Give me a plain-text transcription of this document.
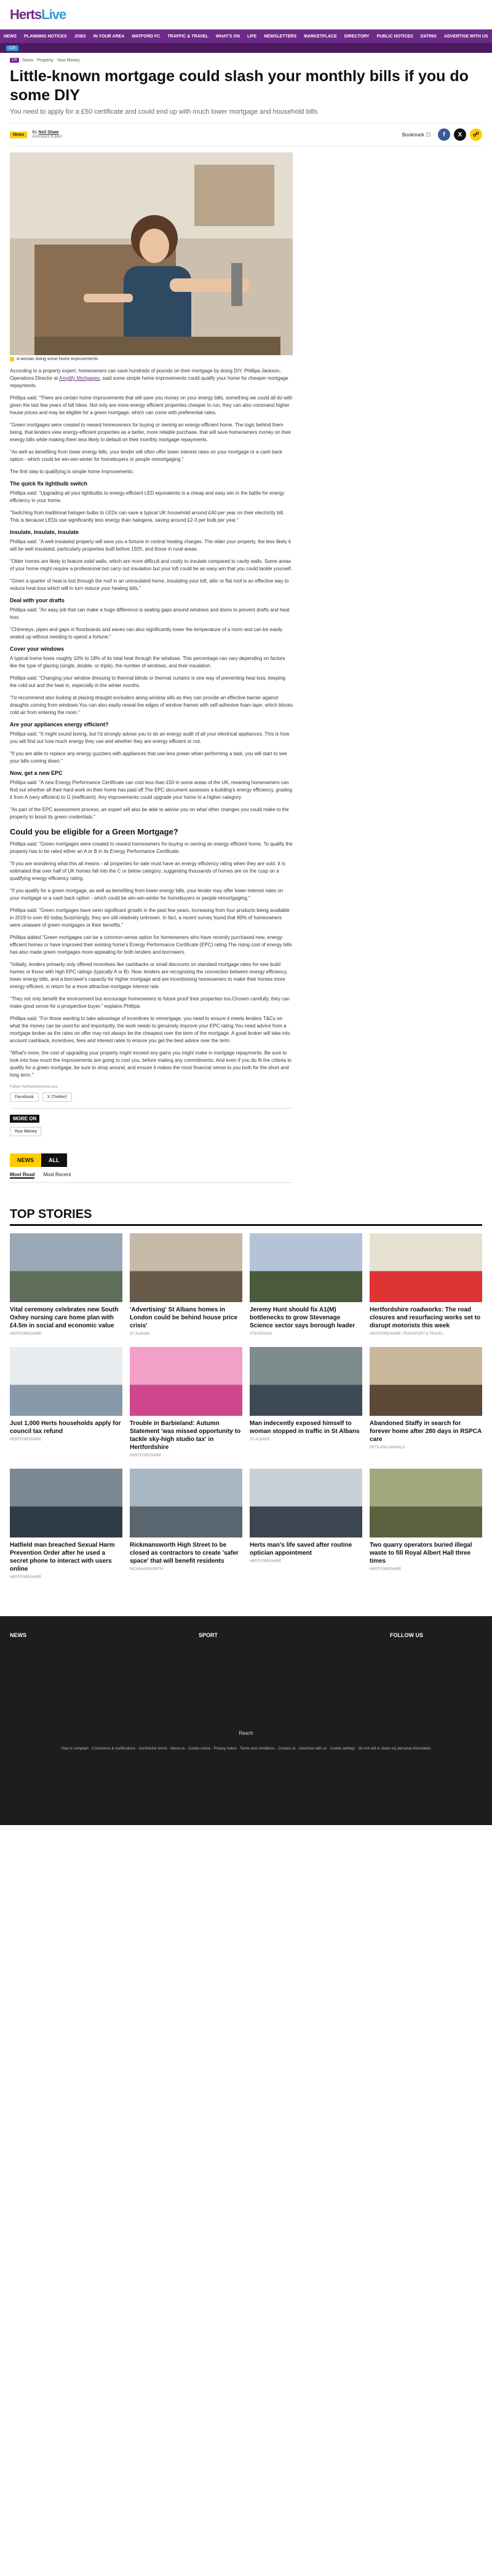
HertsLive
NEWS PLANNING NOTICES JOBS IN YOUR AREA WATFORD FC TRAFFIC & TRAVEL WHAT'S ON LIFE NEWSLETTERS MARKETPLACE DIRECTORY PUBLIC NOTICES DATING ADVERTISE WITH US
CR
CR	News Property Your Money
Little-known mortgage could slash your monthly bills if you do some DIY

You need to apply for a £50 certificate and could end up with much lower mortgage and household bills

News	By Neil Shaw
Assistant Editor	Bookmark ☐	f	X	☍
A woman doing some home improvements

According to a property expert, homeowners can save hundreds of pounds on their mortgage by doing DIY. Phillipa Jackson, Operations Director at Amplify Mortgages, said some simple home improvements could qualify your home for cheaper mortgage repayments.

Phillipa said: "There are certain home improvements that will save you money on your energy bills, something we could all do with given the last few years of bill hikes. Not only are more energy efficient properties cheaper to run, they can also command higher house prices and may be eligible for a green mortgage, which can come with preferential rates.

"Green mortgages were created to reward homeowners for buying or owning an energy-efficient home. The logic behind them being, that lenders view energy-efficient properties as a better, more reliable purchase, that will save homeowners money on their energy bills while making them less likely to default on their monthly mortgage repayments.

"As well as benefiting from lower energy bills, your lender will often offer lower interest rates on your mortgage or a cash back option - which could be win-win-winter for homebuyers or people remortgaging."

The first step to qualifying is simple home improvements:

The quick fix lightbulb switch

Phillipa said: "Upgrading all your lightbulbs to energy-efficient LED equivalents is a cheap and easy win in the battle for energy efficiency in your home.

"Switching from traditional halogen bulbs to LEDs can save a typical UK household around £40 per year on their electricity bill. This is because LEDs use significantly less energy than halogens, saving around £2-3 per bulb per year."

Insulate, Insulate, Insulate

Phillipa said: "A well insulated property will save you a fortune in central heating charges. The older your property, the less likely it will be well insulated, particularly properties built before 1925, and those in rural areas.

"Older homes are likely to feature solid walls, which are more difficult and costly to insulate compared to cavity walls. Some areas of your home might require a professional but carry out insulation but your loft could be an easy win that you could tackle yourself.

"Given a quarter of heat is lost through the roof in an uninsulated home, insulating your loft, attic or flat roof is an effective way to reduce heat loss which will in turn reduce your heating bills."

Deal with your drafts

Phillipa said: "An easy job that can make a huge difference is sealing gaps around windows and doors to prevent drafts and heat loss.

"Chimneys, pipes and gaps in floorboards and eaves can also significantly lower the temperature of a room and can be easily sealed up without needing to spend a fortune."

Cover your windows

A typical home loses roughly 10% to 18% of its total heat through the windows. This percentage can vary depending on factors like the type of glazing (single, double, or triple), the number of windows, and their insulation.

Phillipa said: "Changing your window dressing to thermal blinds or thermal curtains is one way of preventing heat loss, keeping the cold out and the heat in, especially in the winter months.

"I'd recommend also looking at placing draught excluders along window sills as they can provide an effective barrier against draughts coming from windows.You can also easily reseal the edges of window frames with self-adhesive foam tape, which blocks cold air from entering the room."

Are your appliances energy efficient?

Phillipa said: "It might sound boring, but I'd strongly advise you to do an energy audit of all your electrical appliances. This is how you will find out how much energy they use and whether they are energy efficient or not.

"If you are able to replace any energy guzzlers with appliances that use less power when performing a task, you will start to see your bills coming down."

Now, get a new EPC

Phillipa said: "A new Energy Performance Certificate can cost less than £50 in some areas of the UK, meaning homeowners can find out whether all their hard work on their home has paid off.The EPC document assesses a building's energy efficiency, grading it from A (very efficient) to G (inefficient). Any improvements could upgrade your home to a higher category.

"As part of the EPC assessment process, an expert will also be able to advise you on what other changes you could make to the property to boost its green credentials."

Could you be eligible for a Green Mortgage?

Phillipa said: "Green mortgages were created to reward homeowners for buying or owning an energy efficient home. To qualify the property has to be rated either an A or B in its Energy Performance Certificate.

"If you are wondering what this all means - all properties for sale must have an energy efficiency rating when they are sold. It is estimated that over half of UK homes fall into the C or below category, suggesting thousands of homes are on the cusp on a qualifying energy efficiency rating.

"If you qualify for a green mortgage, as well as benefiting from lower energy bills, your lender may offer lower interest rates on your mortgage or a cash back option - which could be win-win-winter for homebuyers or people remortgaging."

Phillipa said: "Green mortgages have seen significant growth in the past few years, increasing from four products being available in 2019 to over 60 today.Surprisingly, they are still relatively unknown. In fact, a recent survey found that 80% of homeowners were unaware of green mortgages or their benefits."

Phillipa added "Green mortgages can be a common-sense option for homeowners who have recently purchased new, energy-efficient homes or have improved their existing home's Energy Performance Certificate (EPC) rating.The rising cost of energy bills has also made green mortgages more appealing for both lenders and borrowers.

"Initially, lenders primarily only offered incentives like cashbacks or small discounts on standard mortgage rates for new build homes or those with high EPC ratings (typically A or B). Now, lenders are recognising the connection between energy efficiency, lower energy bills, and a borrower's capacity for higher mortgage and are incentivising homeowners to make their homes more energy efficient, in return for a more attractive mortgage interest rate.

"They not only benefit the environment but encourage homeowners to future proof their properties too.Chosen carefully, they can make good sense for a prospective buyer," explains Phillipa.

Phillipa said: "For those wanting to take advantage of incentives to remortgage, you need to ensure it meets lenders T&Cs on what the money can be used for and importantly, the work needs to genuinely improve your EPC rating.You need advice from a mortgage broker as the rates on offer may not always be the cheapest over the term of the mortgage. A good broker will take into account cashback, incentives, fees and interest rates to ensure you get the best advice over the term.

"What's more, the cost of upgrading your property might exceed any gains you might make in mortgage repayments. Be sure to look into how much the improvements are going to cost you, before making any commitments. And even if you do fit the criteria to qualify for a green mortgage, be sure to shop around, and ensure it makes the most financial sense to you both for the short and long term."

Follow HertfordshireLive.com
Facebook	X (Twitter)
MORE ON
Your Money
NEWS	ALL
Most Read Most Recent
TOP STORIES
Vital ceremony celebrates new South Oxhey nursing care home plan with £4.5m in social and economic value
HERTFORDSHIRE
'Advertising' St Albans homes in London could be behind house price crisis'
ST ALBANS
Jeremy Hunt should fix A1(M) bottlenecks to grow Stevenage Science sector says borough leader
STEVENAGE
Hertfordshire roadworks: The road closures and resurfacing works set to disrupt motorists this week
HERTFORDSHIRE TRANSPORT & TRAVEL
Just 1,000 Herts households apply for council tax refund
HERTFORDSHIRE
Trouble in Barbieland: Autumn Statement 'was missed opportunity to tackle sky-high studio tax' in Hertfordshire
HERTFORDSHIRE
Man indecently exposed himself to woman stopped in traffic in St Albans
ST ALBANS
Abandoned Staffy in search for forever home after 280 days in RSPCA care
PETS AND ANIMALS
Hatfield man breached Sexual Harm Prevention Order after he used a secret phone to interact with users online
HERTFORDSHIRE
Rickmansworth High Street to be closed as contractors to create 'safer space' that will benefit residents
RICKMANSWORTH
Herts man's life saved after routine optician appointment
HERTFORDSHIRE
Two quarry operators buried illegal waste to fill Royal Albert Hall three times
HERTFORDSHIRE
NEWS	SPORT	FOLLOW US
Reach
How to complain · Corrections & clarifications · Contributor terms · About us · Cookie notice · Privacy notice · Terms and conditions · Contact us · Advertise with us · Cookie settings · Do not sell or share my personal information
